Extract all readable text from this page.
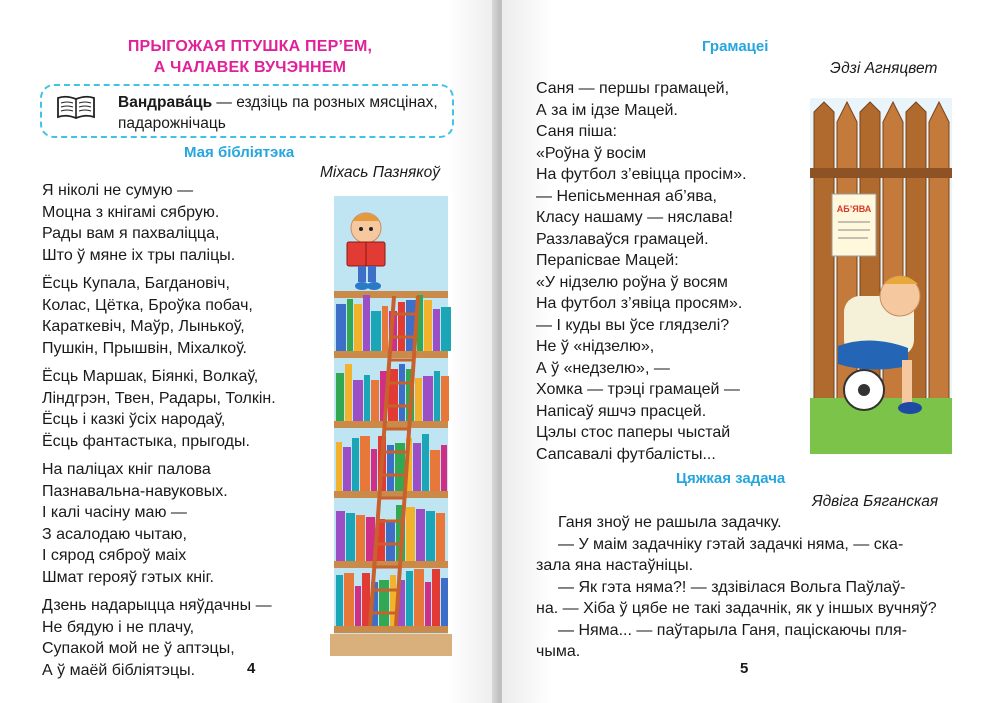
ПРЫГОЖАЯ ПТУШКА ПЕР’ЕМ,
А ЧАЛАВЕК ВУЧЭННЕМ
Вандрава́ць — ездзіць па розных мясцінах, падарожнічаць
Мая бібліятэка
Міхась Пазнякоў
Я ніколі не сумую —
Моцна з кнігамі сябрую.
Рады вам я пахваліцца,
Што ў мяне іх тры паліцы.
Ёсць Купала, Багдановіч,
Колас, Цётка, Броўка побач,
Караткевіч, Маўр, Лынькоў,
Пушкін, Прышвін, Міхалкоў.
Ёсць Маршак, Біянкі, Волкаў,
Ліндгрэн, Твен, Радары, Толкін.
Ёсць і казкі ўсіх народаў,
Ёсць фантастыка, прыгоды.
На паліцах кніг палова
Пазнавальна-навуковых.
І калі часіну маю —
З асалодаю чытаю,
І сярод сяброў маіх
Шмат герояў гэтых кніг.
Дзень надарыцца няўдачны —
Не бядую і не плачу,
Супакой мой не ў аптэцы,
А ў маёй бібліятэцы.	4
Грамацеі
Эдзі Агняцвет
Саня — першы грамацей,
А за ім ідзе Мацей.
Саня піша:
«Роўна ў восім
На футбол з’евіцца просім».
— Непісьменная аб’ява,
Класу нашаму — няслава!
Раззлаваўся грамацей.
Перапісвае Мацей:
«У нідзелю роўна ў восям
На футбол з’явіца просям».
— І куды вы ўсе глядзелі?
Не ў «нідзелю»,
А ў «недзелю», —
Хомка — трэці грамацей —
Напісаў яшчэ прасцей.
Цэлы стос паперы чыстай
Сапсавалі футбалісты...
АБ’ЯВА
Цяжкая задача
Ядвіга Бяганская
Ганя зноў не рашыла задачку.
— У маім задачніку гэтай задачкі няма, — ска-
зала яна настаўніцы.
— Як гэта няма?! — здзівілася Вольга Паўлаў-
на. — Хіба ў цябе не такі задачнік, як у іншых вучняў?
— Няма... — паўтарыла Ганя, паціскаючы пля-
чыма.
5
